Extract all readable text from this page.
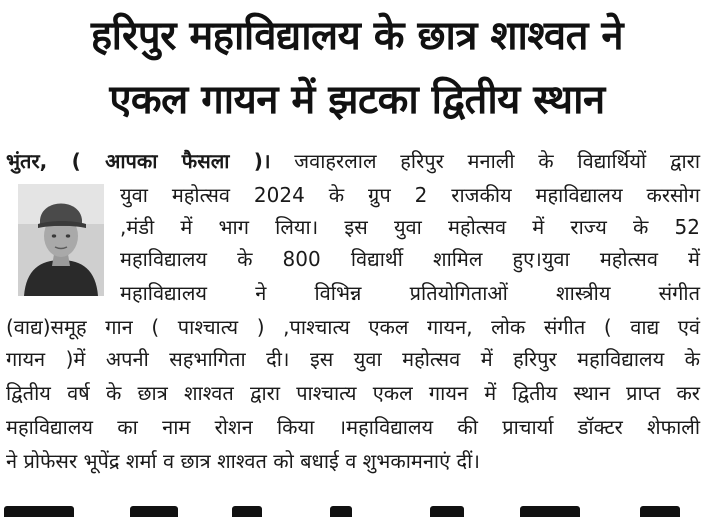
हरिपुर महाविद्यालय के छात्र शाश्वत ने
एकल गायन में झटका द्वितीय स्थान
भुंतर, ( आपका फैसला )। जवाहरलाल हरिपुर मनाली के विद्यार्थियों द्वारा
युवा महोत्सव 2024 के ग्रुप 2 राजकीय महाविद्यालय करसोग
,मंडी में भाग लिया। इस युवा महोत्सव में राज्य के 52
महाविद्यालय के 800 विद्यार्थी शामिल हुए।युवा महोत्सव में
महाविद्यालय ने विभिन्न प्रतियोगिताओं शास्त्रीय संगीत
(वाद्य)समूह गान ( पाश्चात्य ) ,पाश्चात्य एकल गायन, लोक संगीत ( वाद्य एवं
गायन )में अपनी सहभागिता दी। इस युवा महोत्सव में हरिपुर महाविद्यालय के
द्वितीय वर्ष के छात्र शाश्वत द्वारा पाश्चात्य एकल गायन में द्वितीय स्थान प्राप्त कर
महाविद्यालय का नाम रोशन किया ।महाविद्यालय की प्राचार्या डॉक्टर शेफाली
ने प्रोफेसर भूपेंद्र शर्मा व छात्र शाश्वत को बधाई व शुभकामनाएं दीं।
